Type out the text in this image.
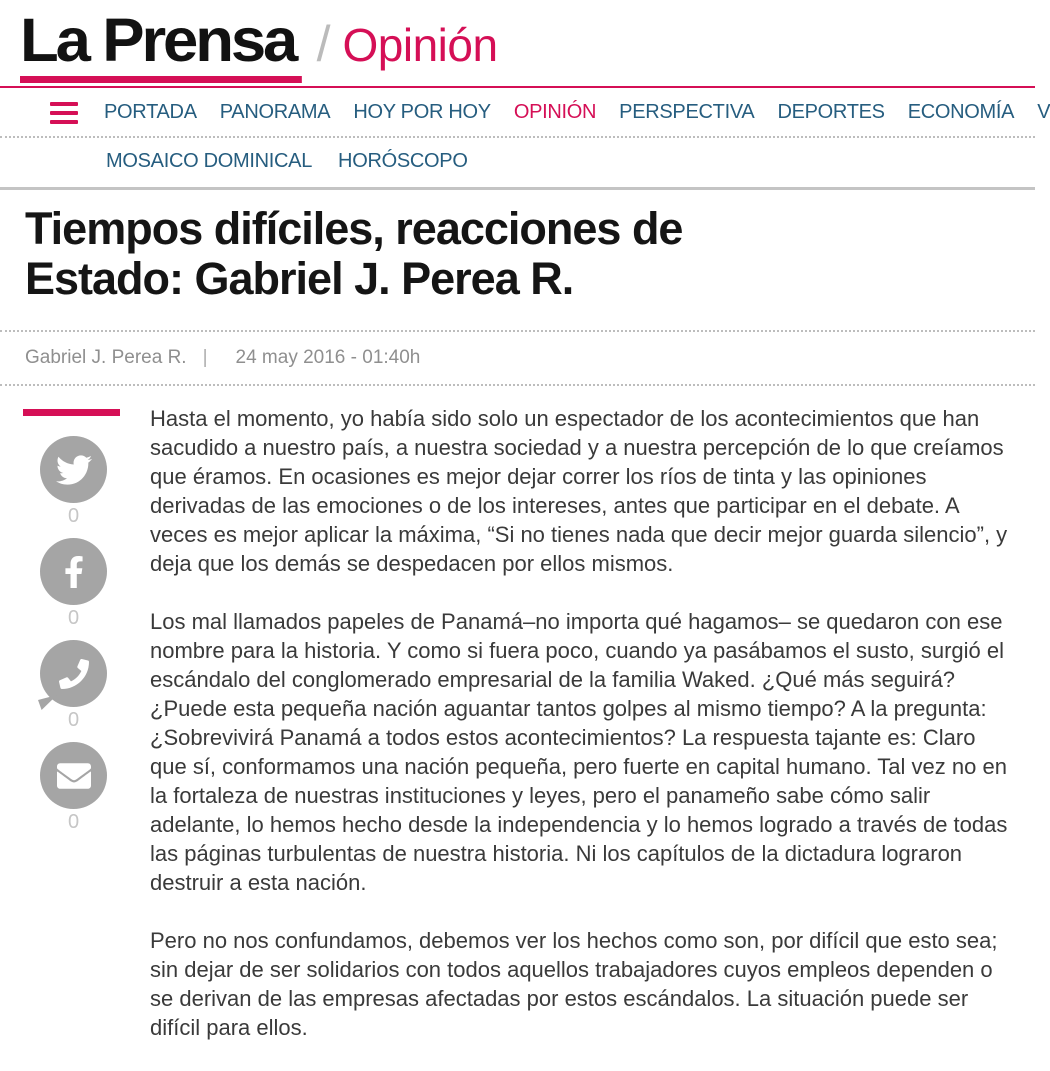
La Prensa / Opinión
PORTADA PANORAMA HOY POR HOY OPINIÓN PERSPECTIVA DEPORTES ECONOMÍA V
MOSAICO DOMINICAL HORÓSCOPO
Tiempos difíciles, reacciones de
Estado: Gabriel J. Perea R.
Gabriel J. Perea R. | 24 may 2016 - 01:40h
0
0
0
0

Hasta el momento, yo había sido solo un espectador de los acontecimientos que han sacudido a nuestro país, a nuestra sociedad y a nuestra percepción de lo que creíamos que éramos. En ocasiones es mejor dejar correr los ríos de tinta y las opiniones derivadas de las emociones o de los intereses, antes que participar en el debate. A veces es mejor aplicar la máxima, “Si no tienes nada que decir mejor guarda silencio”, y deja que los demás se despedacen por ellos mismos.

Los mal llamados papeles de Panamá–no importa qué hagamos– se quedaron con ese nombre para la historia. Y como si fuera poco, cuando ya pasábamos el susto, surgió el escándalo del conglomerado empresarial de la familia Waked. ¿Qué más seguirá? ¿Puede esta pequeña nación aguantar tantos golpes al mismo tiempo? A la pregunta: ¿Sobrevivirá Panamá a todos estos acontecimientos? La respuesta tajante es: Claro que sí, conformamos una nación pequeña, pero fuerte en capital humano. Tal vez no en la fortaleza de nuestras instituciones y leyes, pero el panameño sabe cómo salir adelante, lo hemos hecho desde la independencia y lo hemos logrado a través de todas las páginas turbulentas de nuestra historia. Ni los capítulos de la dictadura lograron destruir a esta nación.

Pero no nos confundamos, debemos ver los hechos como son, por difícil que esto sea; sin dejar de ser solidarios con todos aquellos trabajadores cuyos empleos dependen o se derivan de las empresas afectadas por estos escándalos. La situación puede ser difícil para ellos.
